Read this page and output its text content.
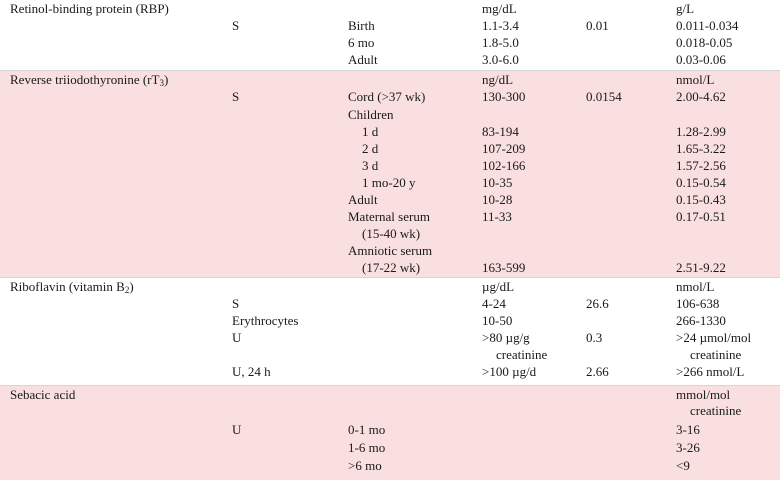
Retinol-binding protein (RBP)	mg/dL	g/L
S	Birth	1.1-3.4	0.01	0.011-0.034
6 mo	1.8-5.0	0.018-0.05
Adult	3.0-6.0	0.03-0.06
Reverse triiodothyronine $(rT_3)$	ng/dL	nmol/L
S	Cord (>37 wk)	130-300	0.0154	2.00-4.62
Children
1 d	83-194	1.28-2.99
2 d	107-209	1.65-3.22
3 d	102-166	1.57-2.56
1 mo-20 y	10-35	0.15-0.54
Adult	10-28	0.15-0.43
Maternal serum	11-33	0.17-0.51
(15-40 wk)
Amniotic serum
(17-22 wk)	163-599	2.51-9.22
Riboflavin (vitamin $B_2$)	µg/dL	nmol/L
S	4-24	26.6	106-638
Erythrocytes	10-50	266-1330
U	>80 µg/g	0.3	>24 µmol/mol
creatinine	creatinine
U, 24 h	>100 µg/d	2.66	>266 nmol/L
Sebacic acid	mmol/mol
creatinine
U	0-1 mo	3-16
1-6 mo	3-26
>6 mo	<9
